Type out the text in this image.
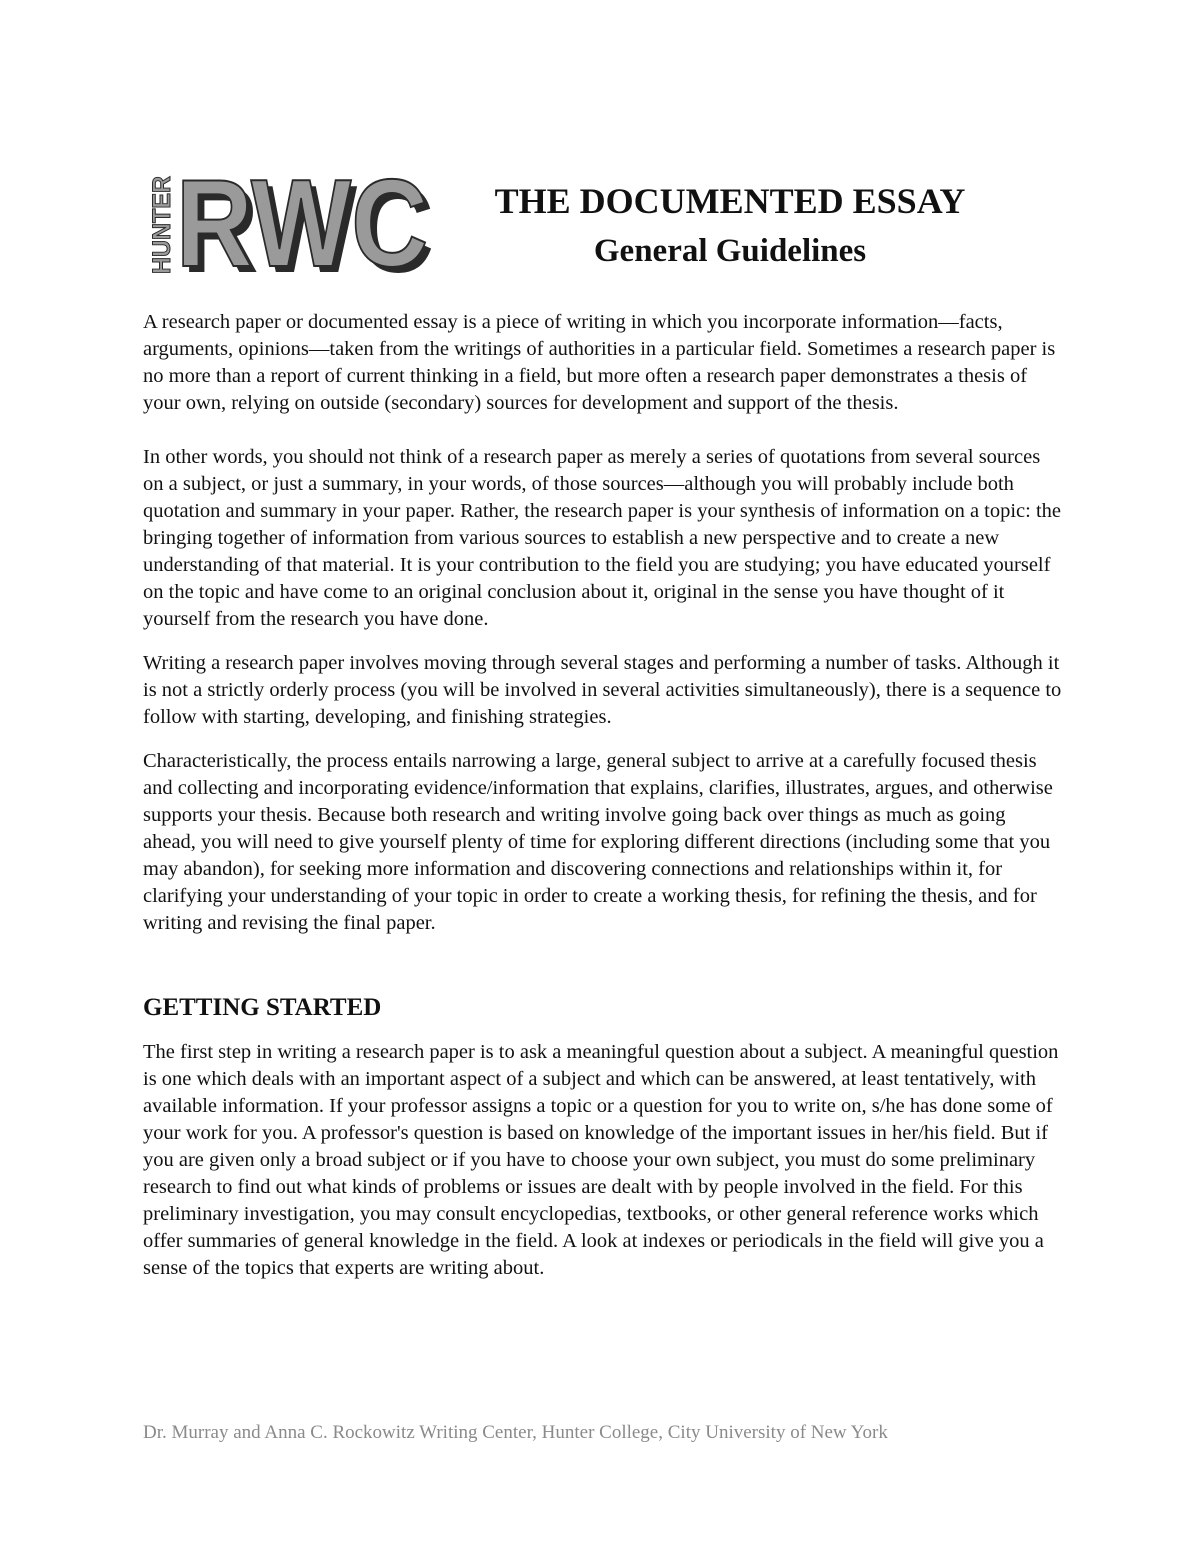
HUNTER RWC
RWC	THE DOCUMENTED ESSAY
General Guidelines

A research paper or documented essay is a piece of writing in which you incorporate information—facts, arguments, opinions—taken from the writings of authorities in a particular field. Sometimes a research paper is no more than a report of current thinking in a field, but more often a research paper demonstrates a thesis of your own, relying on outside (secondary) sources for development and support of the thesis.

In other words, you should not think of a research paper as merely a series of quotations from several sources on a subject, or just a summary, in your words, of those sources—although you will probably include both quotation and summary in your paper. Rather, the research paper is your synthesis of information on a topic: the bringing together of information from various sources to establish a new perspective and to create a new understanding of that material. It is your contribution to the field you are studying; you have educated yourself on the topic and have come to an original conclusion about it, original in the sense you have thought of it yourself from the research you have done.

Writing a research paper involves moving through several stages and performing a number of tasks. Although it is not a strictly orderly process (you will be involved in several activities simultaneously), there is a sequence to follow with starting, developing, and finishing strategies.

Characteristically, the process entails narrowing a large, general subject to arrive at a carefully focused thesis and collecting and incorporating evidence/information that explains, clarifies, illustrates, argues, and otherwise supports your thesis. Because both research and writing involve going back over things as much as going ahead, you will need to give yourself plenty of time for exploring different directions (including some that you may abandon), for seeking more information and discovering connections and relationships within it, for clarifying your understanding of your topic in order to create a working thesis, for refining the thesis, and for writing and revising the final paper.

GETTING STARTED

The first step in writing a research paper is to ask a meaningful question about a subject. A meaningful question is one which deals with an important aspect of a subject and which can be answered, at least tentatively, with available information. If your professor assigns a topic or a question for you to write on, s/he has done some of your work for you. A professor's question is based on knowledge of the important issues in her/his field. But if you are given only a broad subject or if you have to choose your own subject, you must do some preliminary research to find out what kinds of problems or issues are dealt with by people involved in the field. For this preliminary investigation, you may consult encyclopedias, textbooks, or other general reference works which offer summaries of general knowledge in the field. A look at indexes or periodicals in the field will give you a sense of the topics that experts are writing about.

Dr. Murray and Anna C. Rockowitz Writing Center, Hunter College, City University of New York
